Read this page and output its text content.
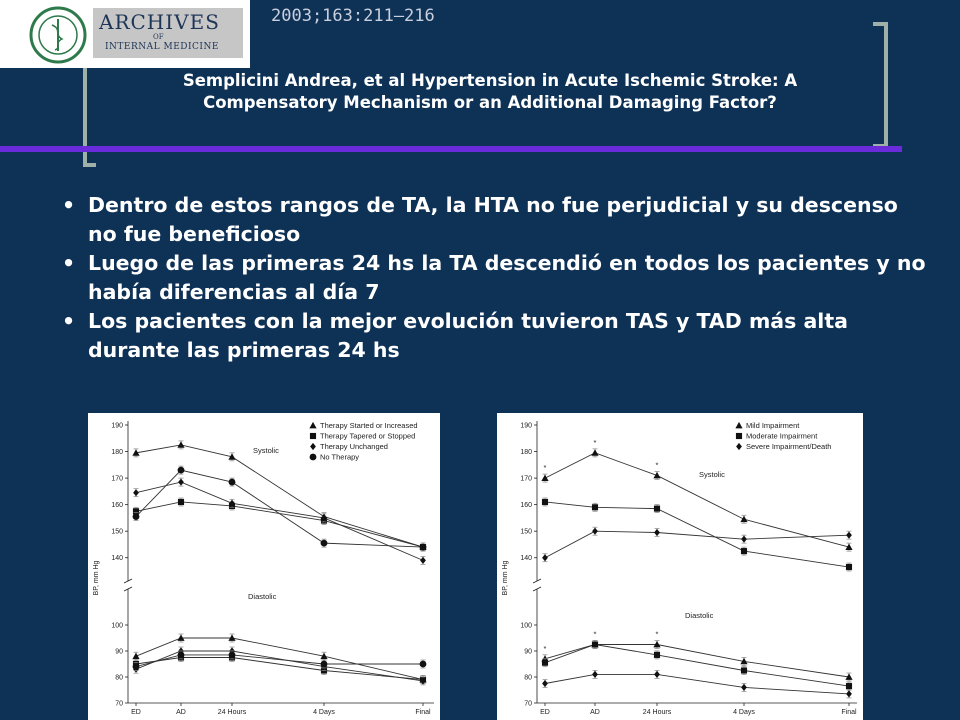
ARCHIVES
OF
INTERNAL MEDICINE
2003;163:211–216
Semplicini Andrea, et al Hypertension in Acute Ischemic Stroke: A Compensatory Mechanism or an Additional Damaging Factor?
• Dentro de estos rangos de TA, la HTA no fue perjudicial y su descenso no fue beneficioso
• Luego de las primeras 24 hs la TA descendió en todos los pacientes y no había diferencias al día 7
• Los pacientes con la mejor evolución tuvieron TAS y TAD más alta durante las primeras 24 hs
140
150
160
170
180
190
70
80
90
100
ED	AD	24 Hours	4 Days	Final
BP, mm Hg
Systolic
Diastolic
Therapy Started or Increased
Therapy Tapered or Stopped
Therapy Unchanged
No Therapy
140
150
160
170
180
190
70
80
90
100
ED	AD	24 Hours	4 Days	Final
BP, mm Hg
Systolic
Diastolic
Mild Impairment
Moderate Impairment
Severe Impairment/Death
*
*
*
*
*	*
